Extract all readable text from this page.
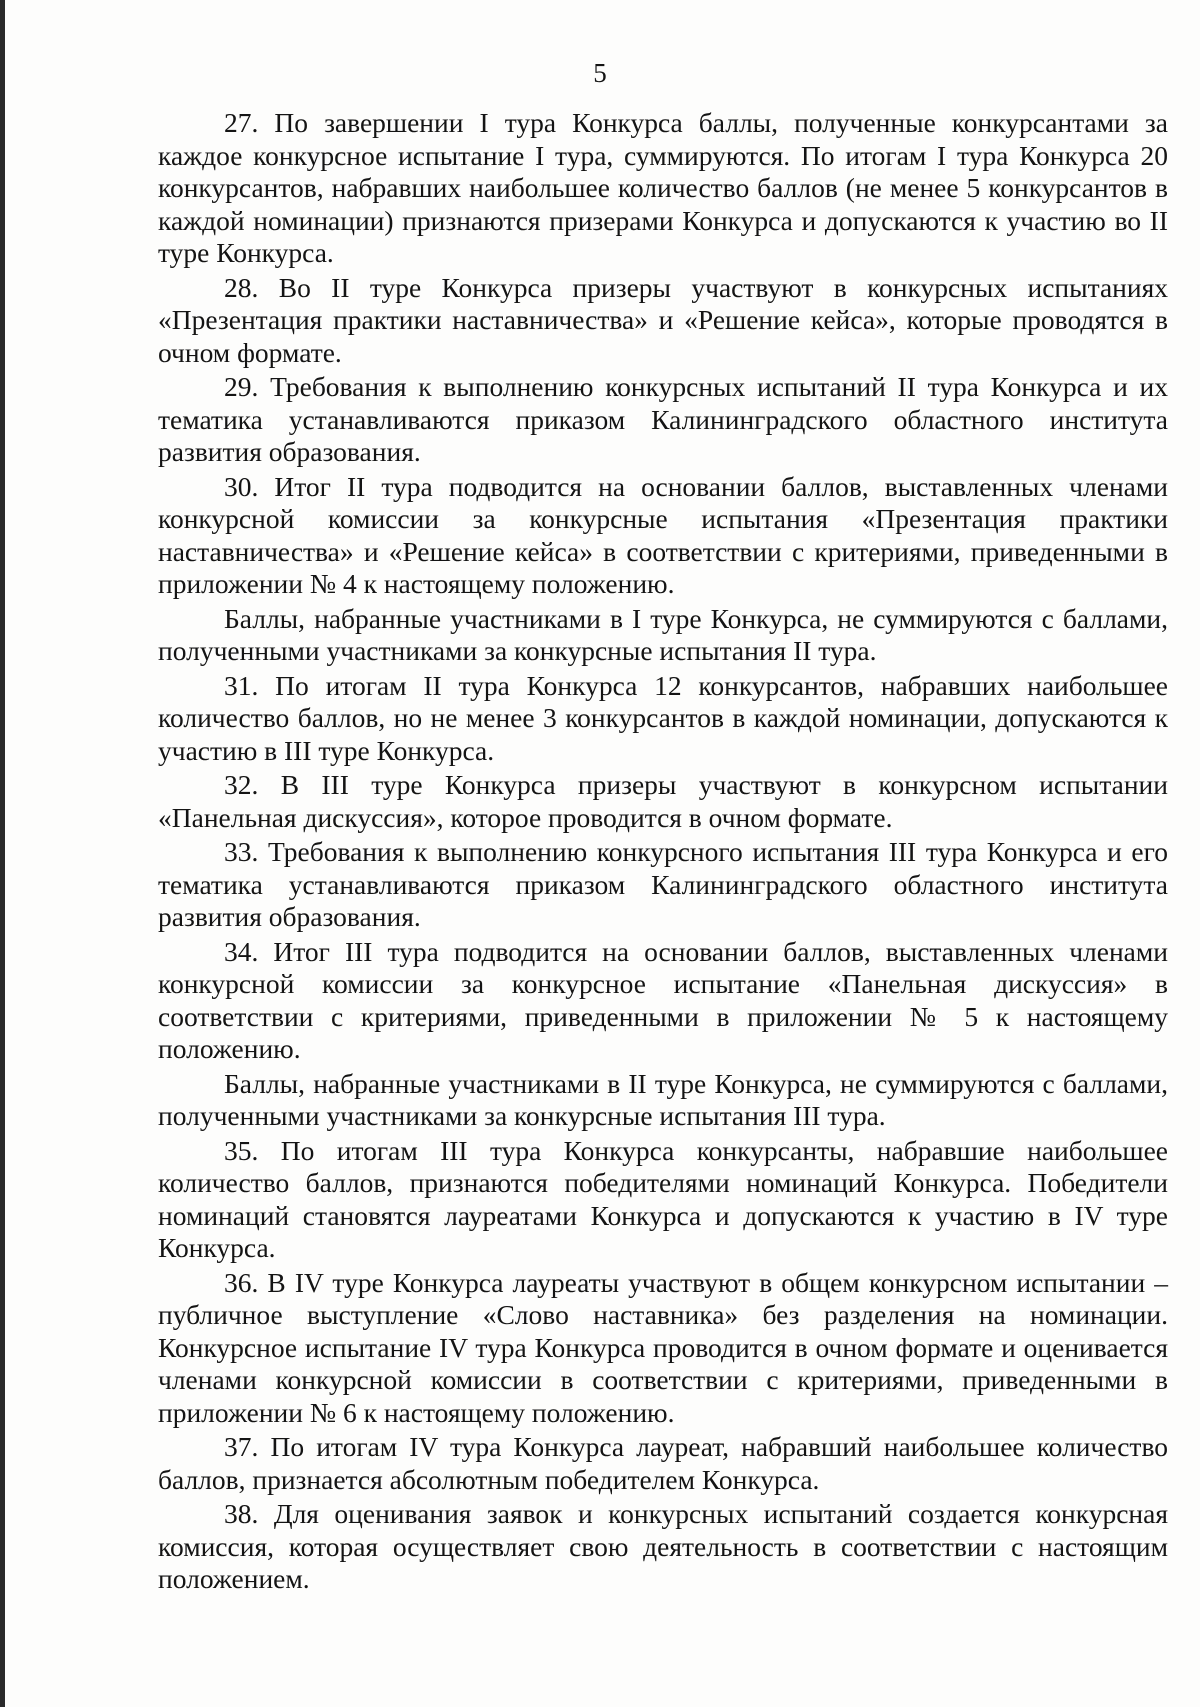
5

27. По завершении I тура Конкурса баллы, полученные конкурсантами за каждое конкурсное испытание I тура, суммируются. По итогам I тура Конкурса 20 конкурсантов, набравших наибольшее количество баллов (не менее 5 конкурсантов в каждой номинации) признаются призерами Конкурса и допускаются к участию во II туре Конкурса.

28. Во II туре Конкурса призеры участвуют в конкурсных испытаниях «Презентация практики наставничества» и «Решение кейса», которые проводятся в очном формате.

29. Требования к выполнению конкурсных испытаний II тура Конкурса и их тематика устанавливаются приказом Калининградского областного института развития образования.

30. Итог II тура подводится на основании баллов, выставленных членами конкурсной комиссии за конкурсные испытания «Презентация практики наставничества» и «Решение кейса» в соответствии с критериями, приведенными в приложении № 4 к настоящему положению.

Баллы, набранные участниками в I туре Конкурса, не суммируются с баллами, полученными участниками за конкурсные испытания II тура.

31. По итогам II тура Конкурса 12 конкурсантов, набравших наибольшее количество баллов, но не менее 3 конкурсантов в каждой номинации, допускаются к участию в III туре Конкурса.

32. В III туре Конкурса призеры участвуют в конкурсном испытании «Панельная дискуссия», которое проводится в очном формате.

33. Требования к выполнению конкурсного испытания III тура Конкурса и его тематика устанавливаются приказом Калининградского областного института развития образования.

34. Итог III тура подводится на основании баллов, выставленных членами конкурсной комиссии за конкурсное испытание «Панельная дискуссия» в соответствии с критериями, приведенными в приложении № 5 к настоящему положению.

Баллы, набранные участниками в II туре Конкурса, не суммируются с баллами, полученными участниками за конкурсные испытания III тура.

35. По итогам III тура Конкурса конкурсанты, набравшие наибольшее количество баллов, признаются победителями номинаций Конкурса. Победители номинаций становятся лауреатами Конкурса и допускаются к участию в IV туре Конкурса.

36. В IV туре Конкурса лауреаты участвуют в общем конкурсном испытании – публичное выступление «Слово наставника» без разделения на номинации. Конкурсное испытание IV тура Конкурса проводится в очном формате и оценивается членами конкурсной комиссии в соответствии с критериями, приведенными в приложении № 6 к настоящему положению.

37. По итогам IV тура Конкурса лауреат, набравший наибольшее количество баллов, признается абсолютным победителем Конкурса.

38. Для оценивания заявок и конкурсных испытаний создается конкурсная комиссия, которая осуществляет свою деятельность в соответствии с настоящим положением.
